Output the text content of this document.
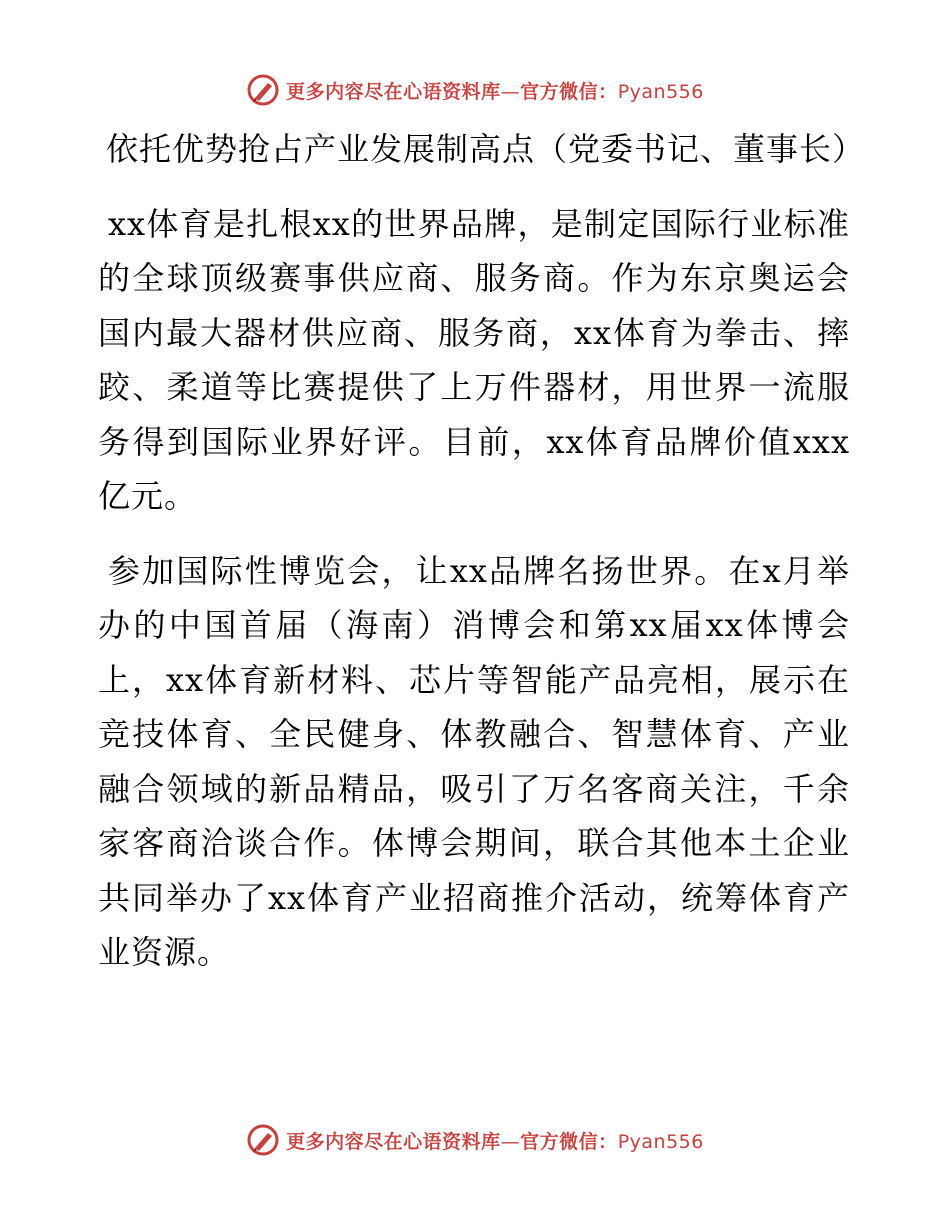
更多内容尽在心语资料库—官方微信：Pyan556

依托优势抢占产业发展制高点（党委书记、董事长）

xx体育是扎根xx的世界品牌，是制定国际行业标准的全球顶级赛事供应商、服务商。作为东京奥运会国内最大器材供应商、服务商，xx体育为拳击、摔跤、柔道等比赛提供了上万件器材，用世界一流服务得到国际业界好评。目前，xx体育品牌价值xxx亿元。

参加国际性博览会，让xx品牌名扬世界。在x月举办的中国首届（海南）消博会和第xx届xx体博会上，xx体育新材料、芯片等智能产品亮相，展示在竞技体育、全民健身、体教融合、智慧体育、产业融合领域的新品精品，吸引了万名客商关注，千余家客商洽谈合作。体博会期间，联合其他本土企业共同举办了xx体育产业招商推介活动，统筹体育产业资源。

更多内容尽在心语资料库—官方微信：Pyan556
